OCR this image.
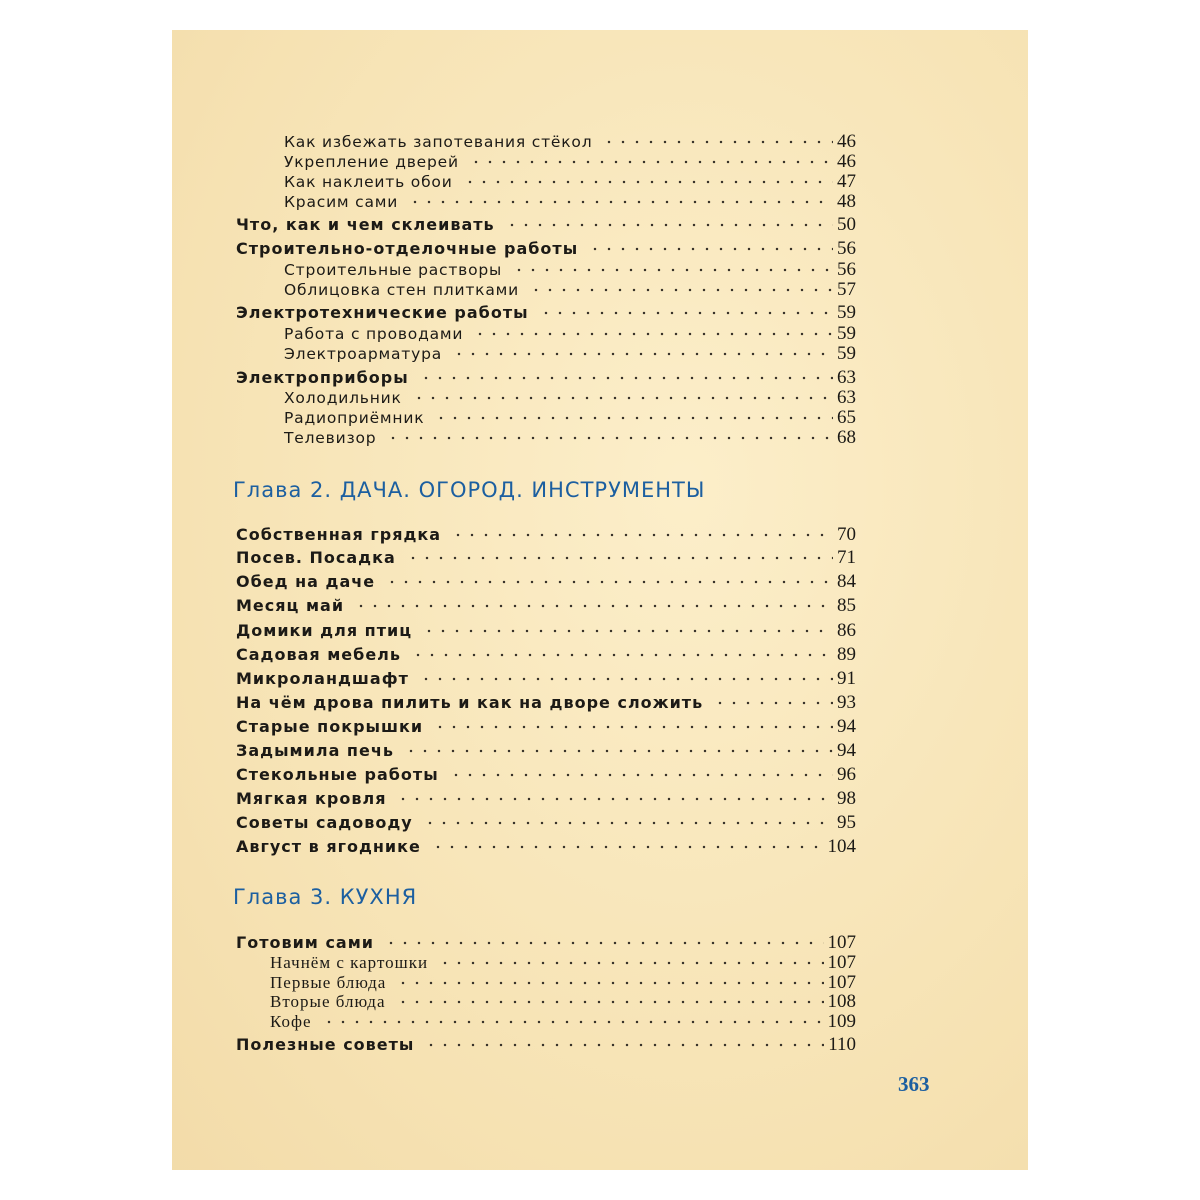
Как избежать запотевания стёкол	46
Укрепление дверей	46
Как наклеить обои	47
Красим сами	48
Что, как и чем склеивать	50
Строительно-отделочные работы	56
Строительные растворы	56
Облицовка стен плитками	57
Электротехнические работы	59
Работа с проводами	59
Электроарматура	59
Электроприборы	63
Холодильник	63
Радиоприёмник	65
Телевизор	68
Глава 2. ДАЧА. ОГОРОД. ИНСТРУМЕНТЫ
Собственная грядка	70
Посев. Посадка	71
Обед на даче	84
Месяц май	85
Домики для птиц	86
Садовая мебель	89
Микроландшафт	91
На чём дрова пилить и как на дворе сложить	93
Старые покрышки	94
Задымила печь	94
Стекольные работы	96
Мягкая кровля	98
Советы садоводу	95
Август в ягоднике	104
Глава 3. КУХНЯ
Готовим сами	107
Начнём с картошки	107
Первые блюда	107
Вторые блюда	108
Кофе	109
Полезные советы	110
363
